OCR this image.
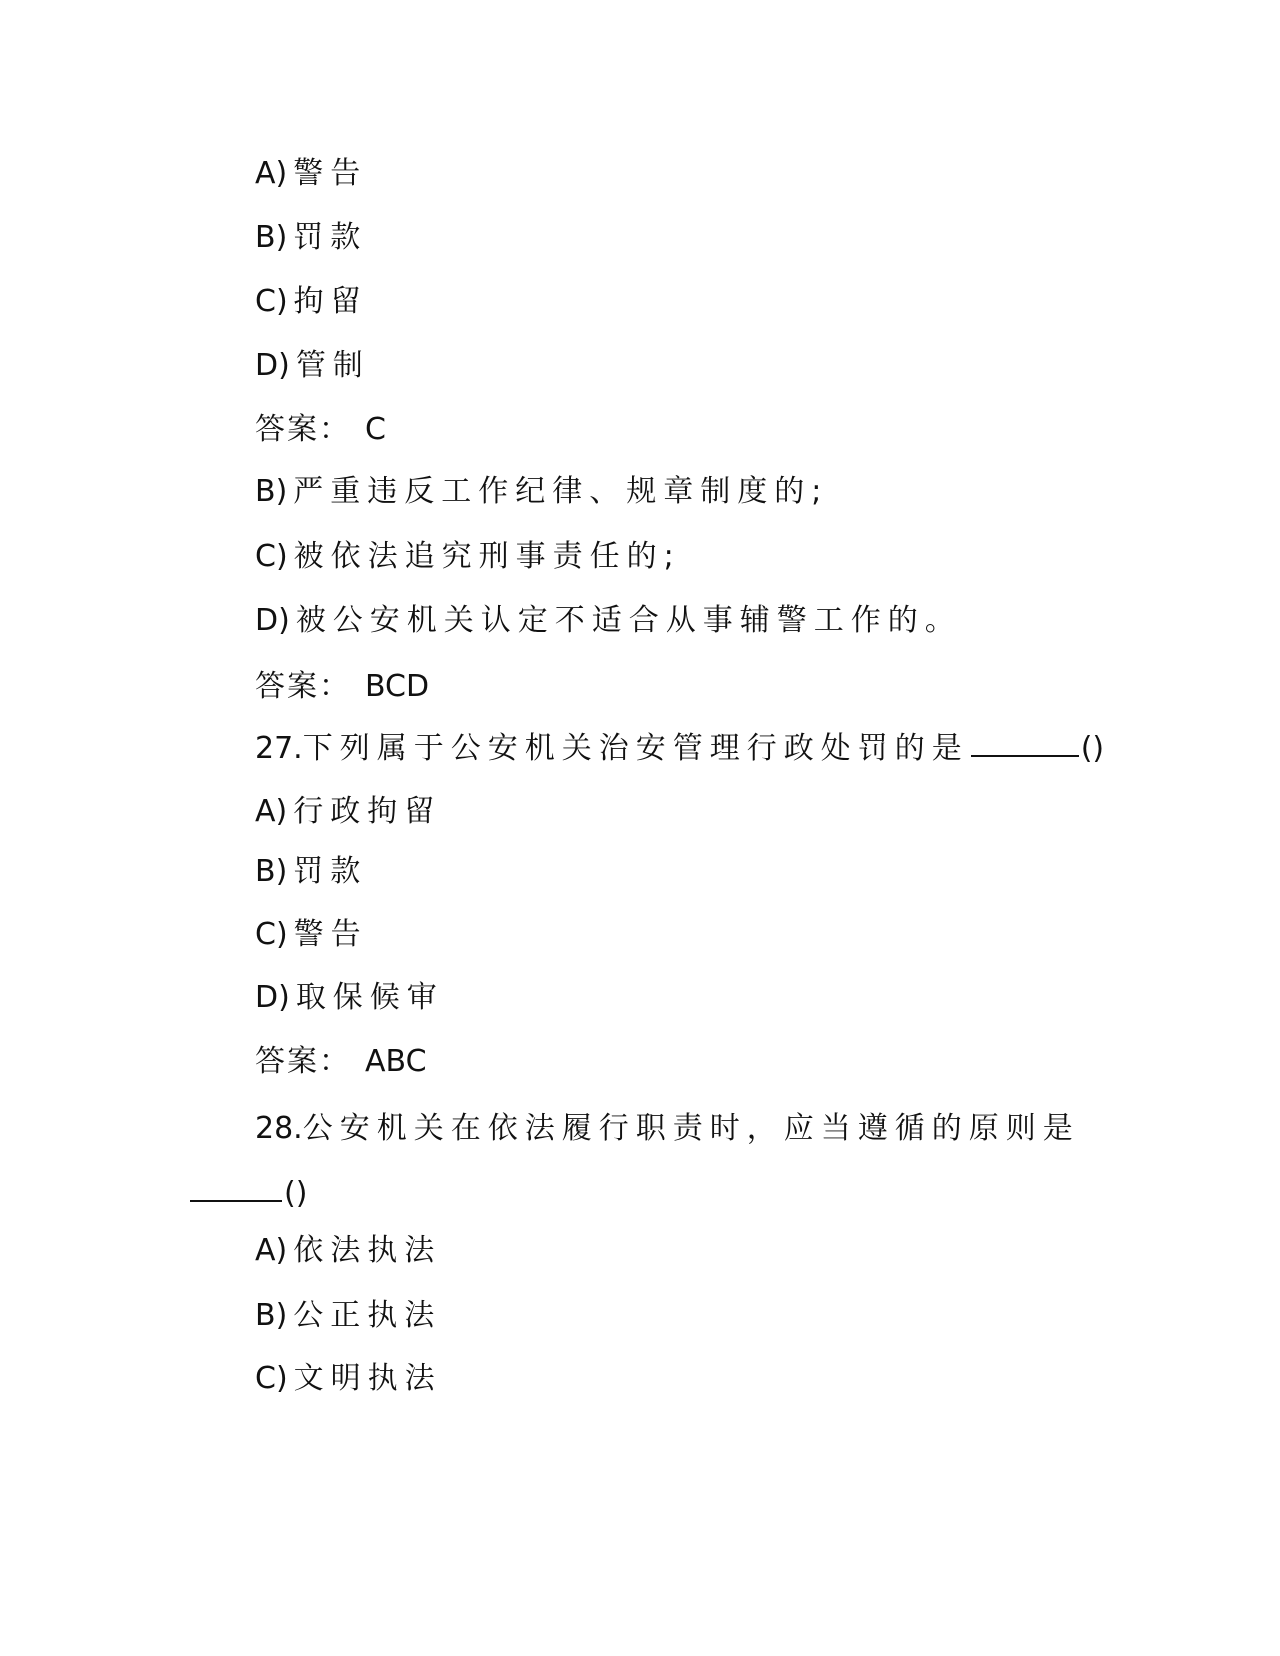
A) 警告
B) 罚款
C) 拘留
D) 管制
答案： C
B) 严重违反工作纪律、规章制度的;
C) 被依法追究刑事责任的;
D) 被公安机关认定不适合从事辅警工作的。
答案： BCD
27.下列属于公安机关治安管理行政处罚的是	()
A) 行政拘留
B) 罚款
C) 警告
D) 取保候审
答案： ABC
28.公安机关在依法履行职责时，应当遵循的原则是
()
A) 依法执法
B) 公正执法
C) 文明执法
